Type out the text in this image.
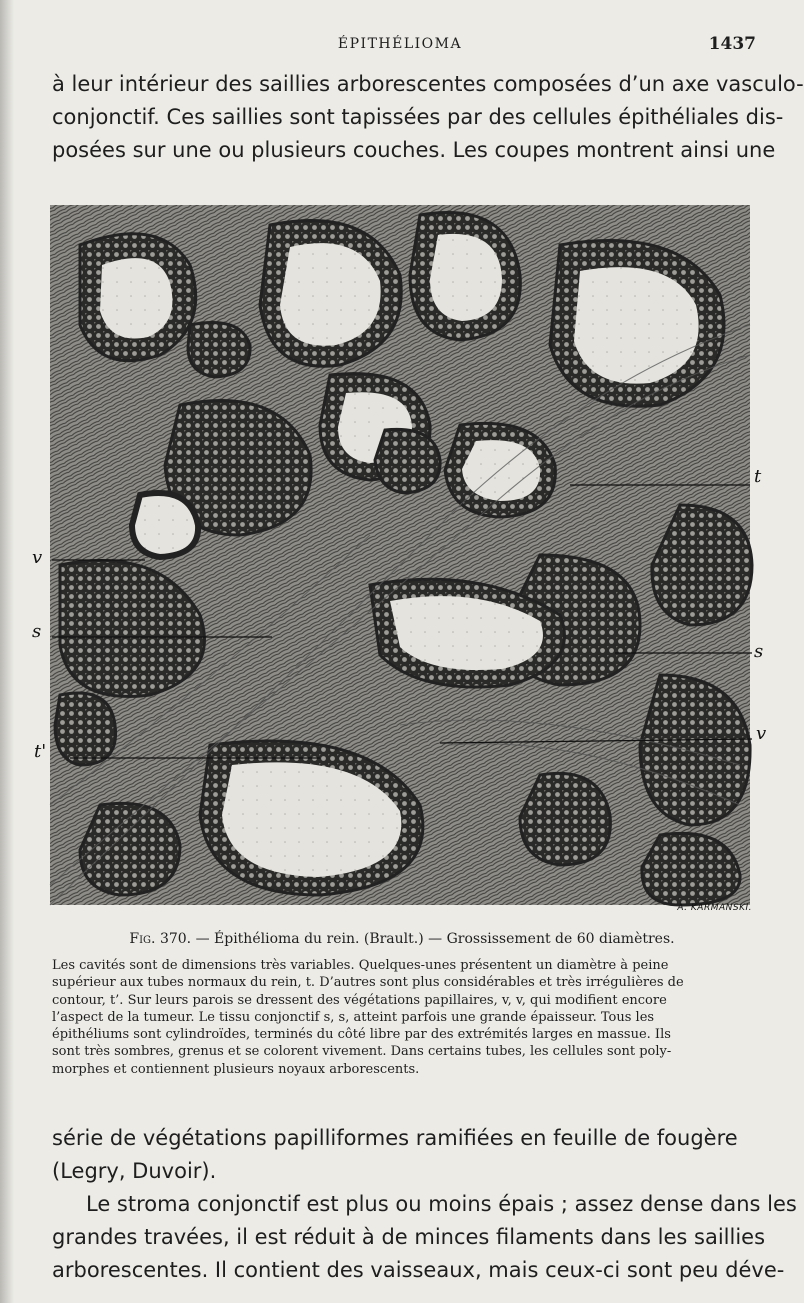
ÉPITHÉLIOMA	1437

à leur intérieur des saillies arborescentes composées d’un axe vasculo-
conjonctif. Ces saillies sont tapissées par des cellules épithéliales dis-
posées sur une ou plusieurs couches. Les coupes montrent ainsi une

t
v
s
s
v
t'
A. KARMANSKI.
Fig. 370. — Épithélioma du rein. (Brault.) — Grossissement de 60 diamètres.

Les cavités sont de dimensions très variables. Quelques-unes présentent un diamètre à peine
supérieur aux tubes normaux du rein, t. D’autres sont plus considérables et très irrégulières de
contour, t’. Sur leurs parois se dressent des végétations papillaires, v, v, qui modifient encore
l’aspect de la tumeur. Le tissu conjonctif s, s, atteint parfois une grande épaisseur. Tous les
épithéliums sont cylindroïdes, terminés du côté libre par des extrémités larges en massue. Ils
sont très sombres, grenus et se colorent vivement. Dans certains tubes, les cellules sont poly-
morphes et contiennent plusieurs noyaux arborescents.

série de végétations papilliformes ramifiées en feuille de fougère
(Legry, Duvoir).
Le stroma conjonctif est plus ou moins épais ; assez dense dans les
grandes travées, il est réduit à de minces filaments dans les saillies
arborescentes. Il contient des vaisseaux, mais ceux-ci sont peu déve-
